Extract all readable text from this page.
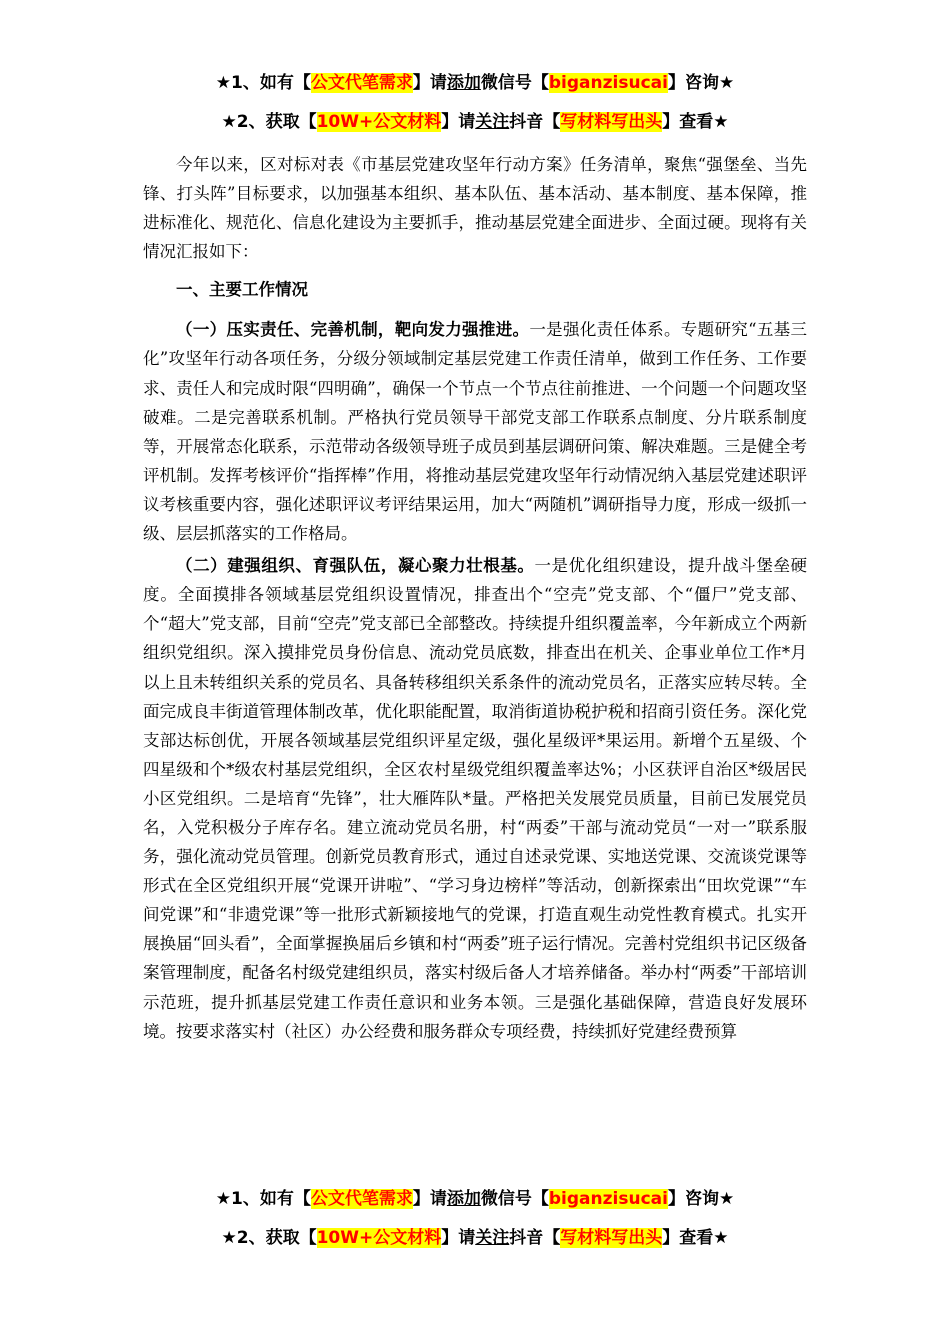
★1、如有【公文代笔需求】请添加微信号【biganzisucai】咨询★
★2、获取【10W+公文材料】请关注抖音【写材料写出头】查看★

今年以来，区对标对表《市基层党建攻坚年行动方案》任务清单，聚焦“强堡垒、当先锋、打头阵”目标要求，以加强基本组织、基本队伍、基本活动、基本制度、基本保障，推进标准化、规范化、信息化建设为主要抓手，推动基层党建全面进步、全面过硬。现将有关情况汇报如下：

一、主要工作情况

（一）压实责任、完善机制，靶向发力强推进。一是强化责任体系。专题研究“五基三化”攻坚年行动各项任务，分级分领域制定基层党建工作责任清单，做到工作任务、工作要求、责任人和完成时限“四明确”，确保一个节点一个节点往前推进、一个问题一个问题攻坚破难。二是完善联系机制。严格执行党员领导干部党支部工作联系点制度、分片联系制度等，开展常态化联系，示范带动各级领导班子成员到基层调研问策、解决难题。三是健全考评机制。发挥考核评价“指挥棒”作用，将推动基层党建攻坚年行动情况纳入基层党建述职评议考核重要内容，强化述职评议考评结果运用，加大“两随机”调研指导力度，形成一级抓一级、层层抓落实的工作格局。

（二）建强组织、育强队伍，凝心聚力壮根基。一是优化组织建设，提升战斗堡垒硬度。全面摸排各领域基层党组织设置情况，排查出个“空壳”党支部、个“僵尸”党支部、个“超大”党支部，目前“空壳”党支部已全部整改。持续提升组织覆盖率，今年新成立个两新组织党组织。深入摸排党员身份信息、流动党员底数，排查出在机关、企事业单位工作*月以上且未转组织关系的党员名、具备转移组织关系条件的流动党员名，正落实应转尽转。全面完成良丰街道管理体制改革，优化职能配置，取消街道协税护税和招商引资任务。深化党支部达标创优，开展各领域基层党组织评星定级，强化星级评*果运用。新增个五星级、个四星级和个*级农村基层党组织，全区农村星级党组织覆盖率达%；小区获评自治区*级居民小区党组织。二是培育“先锋”，壮大雁阵队*量。严格把关发展党员质量，目前已发展党员名，入党积极分子库存名。建立流动党员名册，村“两委”干部与流动党员“一对一”联系服务，强化流动党员管理。创新党员教育形式，通过自述录党课、实地送党课、交流谈党课等形式在全区党组织开展“党课开讲啦”、“学习身边榜样”等活动，创新探索出“田坎党课”“车间党课”和“非遗党课”等一批形式新颖接地气的党课，打造直观生动党性教育模式。扎实开展换届“回头看”，全面掌握换届后乡镇和村“两委”班子运行情况。完善村党组织书记区级备案管理制度，配备名村级党建组织员，落实村级后备人才培养储备。举办村“两委”干部培训示范班，提升抓基层党建工作责任意识和业务本领。三是强化基础保障，营造良好发展环境。按要求落实村（社区）办公经费和服务群众专项经费，持续抓好党建经费预算

★1、如有【公文代笔需求】请添加微信号【biganzisucai】咨询★
★2、获取【10W+公文材料】请关注抖音【写材料写出头】查看★
